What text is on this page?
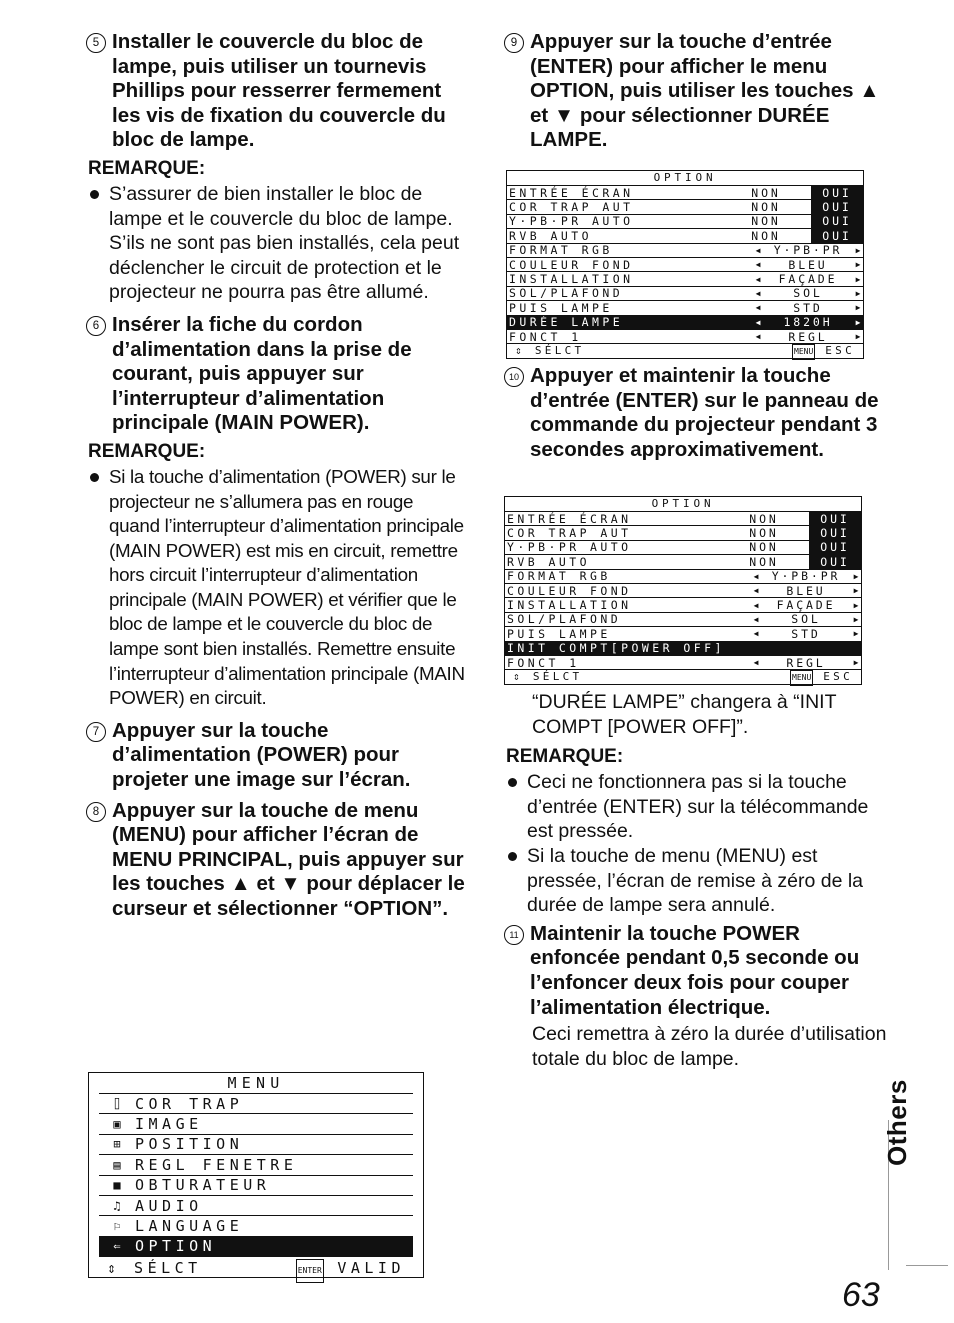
5 Installer le couvercle du bloc de lampe, puis utiliser un tournevis Phillips pour resserrer fermement les vis de fixation du couvercle du bloc de lampe.
REMARQUE:
S’assurer de bien installer le bloc de lampe et le couvercle du bloc de lampe. S’ils ne sont pas bien installés, cela peut déclencher le circuit de protection et le projecteur ne pourra pas être allumé.
6 Insérer la fiche du cordon d’alimentation dans la prise de courant, puis appuyer sur l’interrupteur d’alimentation principale (MAIN POWER).
REMARQUE:
Si la touche d’alimentation (POWER) sur le projecteur ne s’allumera pas en rouge quand l’interrupteur d’alimentation principale (MAIN POWER) est mis en circuit, remettre hors circuit l’interrupteur d’alimentation principale (MAIN POWER) et vérifier que le bloc de lampe et le couvercle du bloc de lampe sont bien installés. Remettre ensuite l’interrupteur d’alimentation principale (MAIN POWER) en circuit.
7 Appuyer sur la touche d’alimentation (POWER) pour projeter une image sur l’écran.
8 Appuyer sur la touche de menu (MENU) pour afficher l’écran de MENU PRINCIPAL, puis appuyer sur les touches ▲ et ▼ pour déplacer le curseur et sélectionner “OPTION”.
MENU
⌷ COR TRAP
▣ IMAGE
⊞ POSITION
▤ REGL FENETRE
■ OBTURATEUR
♫ AUDIO
⚐ LANGUAGE
⇐ OPTION
⇕ SÉLCT	ENTER VALID
9 Appuyer sur la touche d’entrée (ENTER) pour afficher le menu OPTION, puis utiliser les touches ▲ et ▼ pour sélectionner DURÉE LAMPE.
OPTION
ENTRÉE ÉCRAN	NON	OUI
COR TRAP AUT	NON	OUI
Y·PB·PR AUTO	NON	OUI
RVB AUTO	NON	OUI
FORMAT RGB	◀	Y·PB·PR	▶
COULEUR FOND	◀	BLEU	▶
INSTALLATION	◀	FAÇADE	▶
SOL/PLAFOND	◀	SOL	▶
PUIS LAMPE	◀	STD	▶
DURÉE LAMPE	◀	1820H	▶
FONCT 1	◀	REGL	▶
⇕ SÉLCT	MENU ESC
10 Appuyer et maintenir la touche d’entrée (ENTER) sur le panneau de commande du projecteur pendant 3 secondes approximativement.
OPTION
ENTRÉE ÉCRAN	NON	OUI
COR TRAP AUT	NON	OUI
Y·PB·PR AUTO	NON	OUI
RVB AUTO	NON	OUI
FORMAT RGB	◀	Y·PB·PR	▶
COULEUR FOND	◀	BLEU	▶
INSTALLATION	◀	FAÇADE	▶
SOL/PLAFOND	◀	SOL	▶
PUIS LAMPE	◀	STD	▶
INIT COMPT[POWER OFF]
FONCT 1	◀	REGL	▶
⇕ SÉLCT	MENU ESC
“DURÉE LAMPE” changera à “INIT COMPT [POWER OFF]”.
REMARQUE:
Ceci ne fonctionnera pas si la touche d’entrée (ENTER) sur la télécommande est pressée.
Si la touche de menu (MENU) est pressée, l’écran de remise à zéro de la durée de lampe sera annulé.
11 Maintenir la touche POWER enfoncée pendant 0,5 seconde ou l’enfoncer deux fois pour couper l’alimentation électrique.
Ceci remettra à zéro la durée d’utilisation totale du bloc de lampe.
Others
63
